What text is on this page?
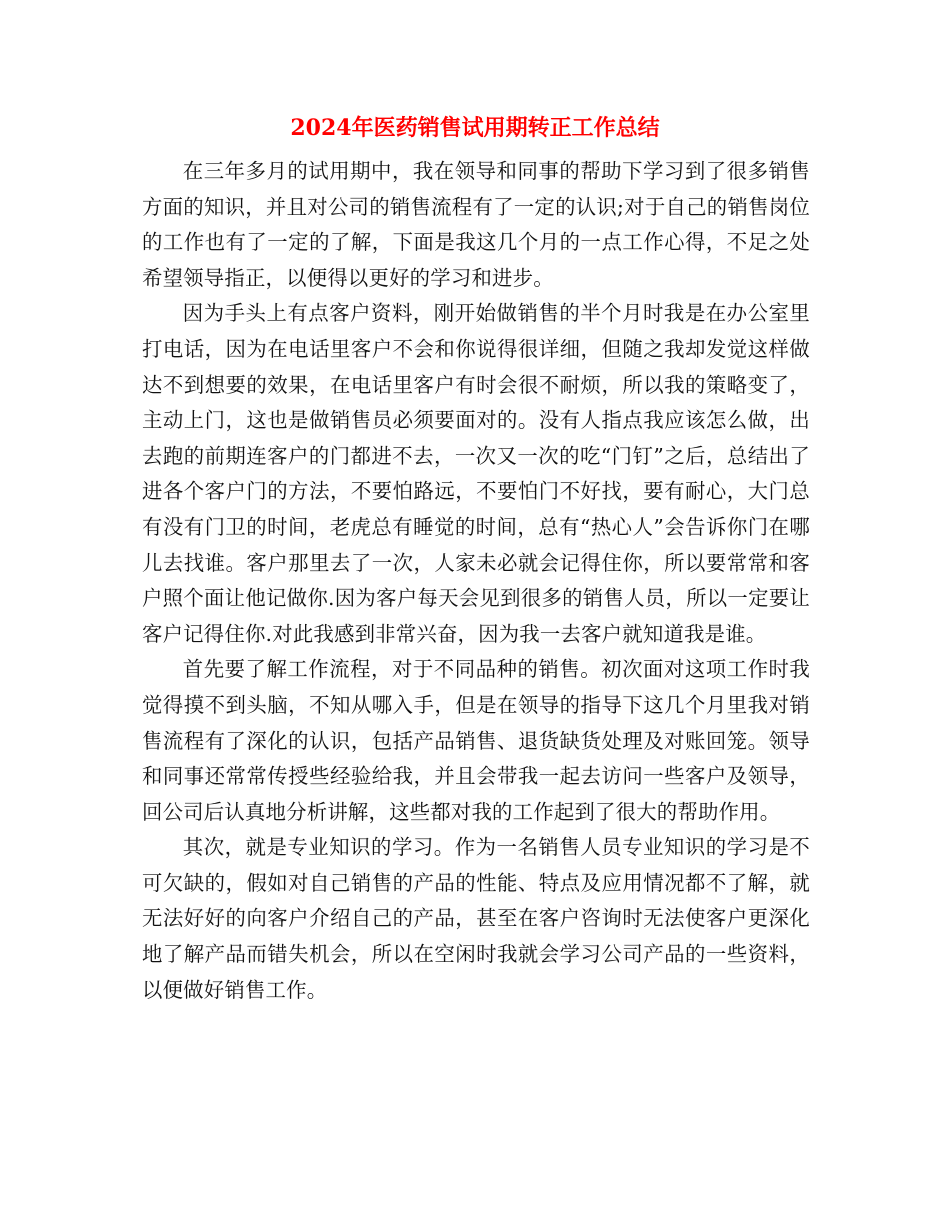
2024年医药销售试用期转正工作总结

在三年多月的试用期中，我在领导和同事的帮助下学习到了很多销售方面的知识，并且对公司的销售流程有了一定的认识;对于自己的销售岗位的工作也有了一定的了解，下面是我这几个月的一点工作心得，不足之处希望领导指正，以便得以更好的学习和进步。

因为手头上有点客户资料，刚开始做销售的半个月时我是在办公室里打电话，因为在电话里客户不会和你说得很详细，但随之我却发觉这样做达不到想要的效果，在电话里客户有时会很不耐烦，所以我的策略变了，主动上门，这也是做销售员必须要面对的。没有人指点我应该怎么做，出去跑的前期连客户的门都进不去，一次又一次的吃“门钉”之后，总结出了进各个客户门的方法，不要怕路远，不要怕门不好找，要有耐心，大门总有没有门卫的时间，老虎总有睡觉的时间，总有“热心人”会告诉你门在哪儿去找谁。客户那里去了一次，人家未必就会记得住你，所以要常常和客户照个面让他记做你.因为客户每天会见到很多的销售人员，所以一定要让客户记得住你.对此我感到非常兴奋，因为我一去客户就知道我是谁。

首先要了解工作流程，对于不同品种的销售。初次面对这项工作时我觉得摸不到头脑，不知从哪入手，但是在领导的指导下这几个月里我对销售流程有了深化的认识，包括产品销售、退货缺货处理及对账回笼。领导和同事还常常传授些经验给我，并且会带我一起去访问一些客户及领导，回公司后认真地分析讲解，这些都对我的工作起到了很大的帮助作用。

其次，就是专业知识的学习。作为一名销售人员专业知识的学习是不可欠缺的，假如对自己销售的产品的性能、特点及应用情况都不了解，就无法好好的向客户介绍自己的产品，甚至在客户咨询时无法使客户更深化地了解产品而错失机会，所以在空闲时我就会学习公司产品的一些资料，以便做好销售工作。
